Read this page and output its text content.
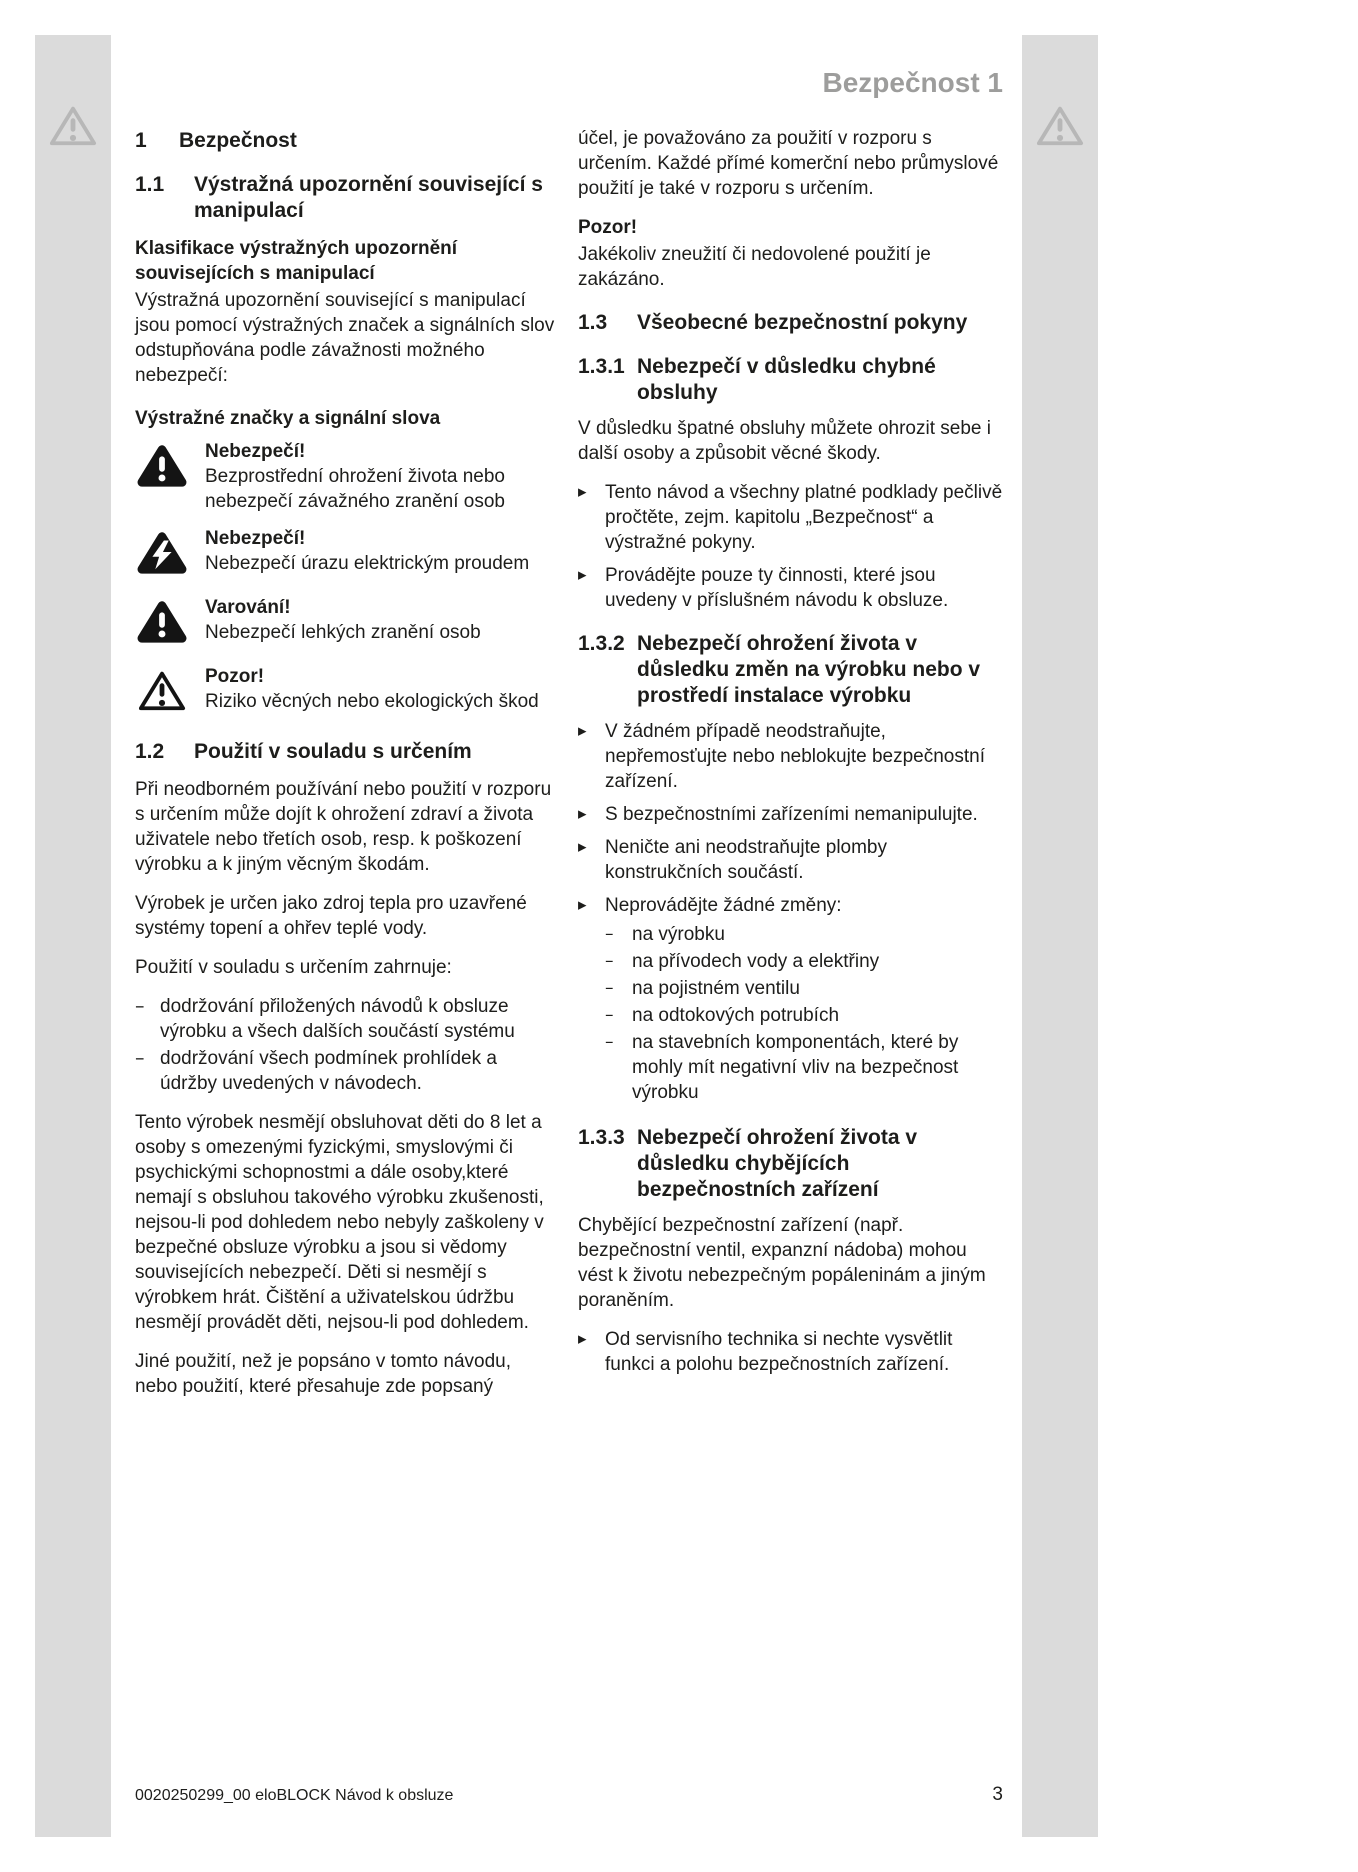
Bezpečnost 1
1	Bezpečnost
1.1	Výstražná upozornění související s manipulací

Klasifikace výstražných upozornění souvisejících s manipulací

Výstražná upozornění související s manipulací jsou pomocí výstražných značek a signálních slov odstupňována podle závažnosti možného nebezpečí:

Výstražné značky a signální slova

Nebezpečí!
Bezprostřední ohrožení života nebo nebezpečí závažného zranění osob
Nebezpečí!
Nebezpečí úrazu elektrickým proudem
Varování!
Nebezpečí lehkých zranění osob
Pozor!
Riziko věcných nebo ekologických škod
1.2	Použití v souladu s určením

Při neodborném používání nebo použití v rozporu s určením může dojít k ohrožení zdraví a života uživatele nebo třetích osob, resp. k poškození výrobku a k jiným věcným škodám.

Výrobek je určen jako zdroj tepla pro uzavřené systémy topení a ohřev teplé vody.

Použití v souladu s určením zahrnuje:

– dodržování přiložených návodů k obsluze výrobku a všech dalších součástí systému
– dodržování všech podmínek prohlídek a údržby uvedených v návodech.

Tento výrobek nesmějí obsluhovat děti do 8 let a osoby s omezenými fyzickými, smyslovými či psychickými schopnostmi a dále osoby,které nemají s obsluhou takového výrobku zkušenosti, nejsou-li pod dohledem nebo nebyly zaškoleny v bezpečné obsluze výrobku a jsou si vědomy souvisejících nebezpečí. Děti si nesmějí s výrobkem hrát. Čištění a uživatelskou údržbu nesmějí provádět děti, nejsou-li pod dohledem.

Jiné použití, než je popsáno v tomto návodu, nebo použití, které přesahuje zde popsaný

účel, je považováno za použití v rozporu s určením. Každé přímé komerční nebo průmyslové použití je také v rozporu s určením.

Pozor!

Jakékoliv zneužití či nedovolené použití je zakázáno.

1.3	Všeobecné bezpečnostní pokyny
1.3.1 Nebezpečí v důsledku chybné obsluhy

V důsledku špatné obsluhy můžete ohrozit sebe i další osoby a způsobit věcné škody.

▸ Tento návod a všechny platné podklady pečlivě pročtěte, zejm. kapitolu „Bezpečnost“ a výstražné pokyny.
▸ Provádějte pouze ty činnosti, které jsou uvedeny v příslušném návodu k obsluze.
1.3.2 Nebezpečí ohrožení života v důsledku změn na výrobku nebo v prostředí instalace výrobku
▸ V žádném případě neodstraňujte, nepřemosťujte nebo neblokujte bezpečnostní zařízení.
▸ S bezpečnostními zařízeními nemanipulujte.
▸ Neničte ani neodstraňujte plomby konstrukčních součástí.
▸ Neprovádějte žádné změny:
– na výrobku
– na přívodech vody a elektřiny
– na pojistném ventilu
– na odtokových potrubích
– na stavebních komponentách, které by mohly mít negativní vliv na bezpečnost výrobku
1.3.3 Nebezpečí ohrožení života v důsledku chybějících bezpečnostních zařízení

Chybějící bezpečnostní zařízení (např. bezpečnostní ventil, expanzní nádoba) mohou vést k životu nebezpečným popáleninám a jiným poraněním.

▸ Od servisního technika si nechte vysvětlit funkci a polohu bezpečnostních zařízení.
0020250299_00 eloBLOCK Návod k obsluze	3
